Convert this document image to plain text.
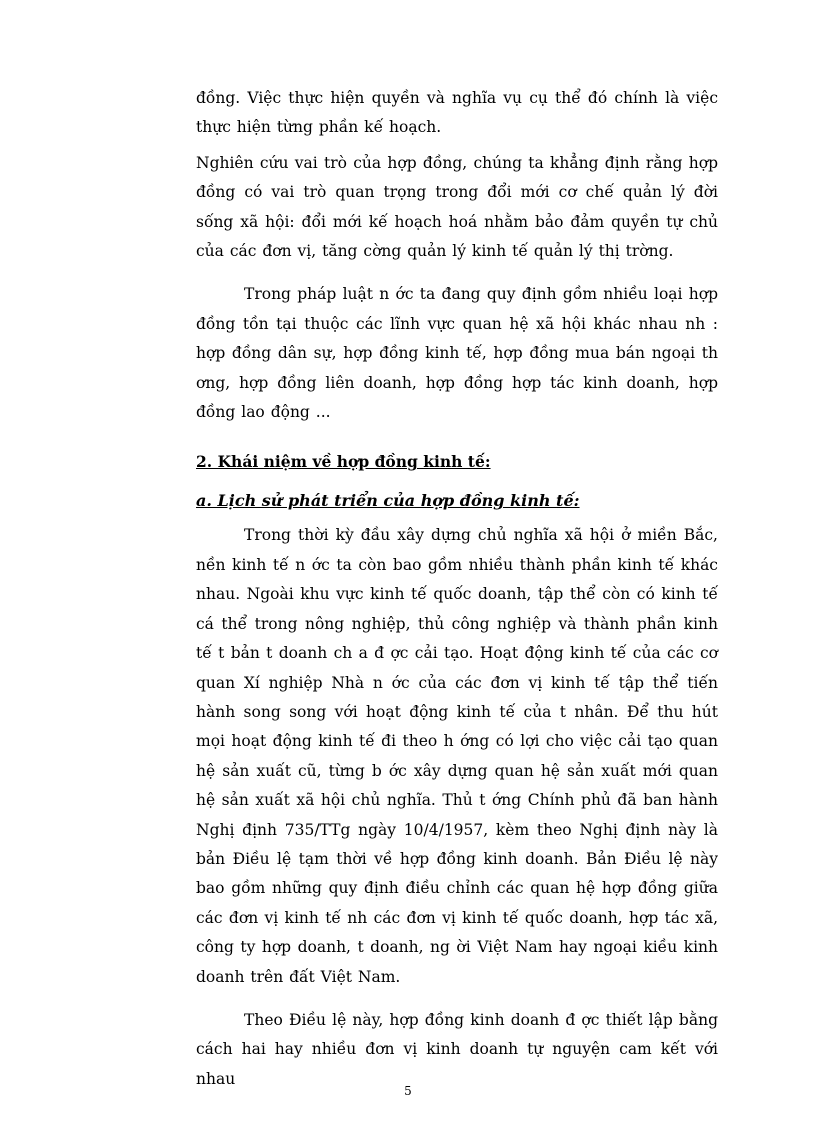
đồng. Việc thực hiện quyền và nghĩa vụ cụ thể đó chính là việc thực hiện từng phần kế hoạch.

Nghiên cứu vai trò của hợp đồng, chúng ta khẳng định rằng hợp đồng có vai trò quan trọng trong đổi mới cơ chế quản lý đời sống xã hội: đổi mới kế hoạch hoá nhằm bảo đảm quyền tự chủ của các đơn vị, tăng cờng quản lý kinh tế quản lý thị trờng.

Trong pháp luật n ớc ta đang quy định gồm nhiều loại hợp đồng tồn tại thuộc các lĩnh vực quan hệ xã hội khác nhau nh : hợp đồng dân sự, hợp đồng kinh tế, hợp đồng mua bán ngoại th ơng, hợp đồng liên doanh, hợp đồng hợp tác kinh doanh, hợp đồng lao động ...

2. Khái niệm về hợp đồng kinh tế:
a. Lịch sử phát triển của hợp đồng kinh tế:

Trong thời kỳ đầu xây dựng chủ nghĩa xã hội ở miền Bắc, nền kinh tế n ớc ta còn bao gồm nhiều thành phần kinh tế khác nhau. Ngoài khu vực kinh tế quốc doanh, tập thể còn có kinh tế cá thể trong nông nghiệp, thủ công nghiệp và thành phần kinh tế t bản t doanh ch a đ ợc cải tạo. Hoạt động kinh tế của các cơ quan Xí nghiệp Nhà n ớc của các đơn vị kinh tế tập thể tiến hành song song với hoạt động kinh tế của t nhân. Để thu hút mọi hoạt động kinh tế đi theo h ớng có lợi cho việc cải tạo quan hệ sản xuất cũ, từng b ớc xây dựng quan hệ sản xuất mới quan hệ sản xuất xã hội chủ nghĩa. Thủ t ớng Chính phủ đã ban hành Nghị định 735/TTg ngày 10/4/1957, kèm theo Nghị định này là bản Điều lệ tạm thời về hợp đồng kinh doanh. Bản Điều lệ này bao gồm những quy định điều chỉnh các quan hệ hợp đồng giữa các đơn vị kinh tế nh các đơn vị kinh tế quốc doanh, hợp tác xã, công ty hợp doanh, t doanh, ng ời Việt Nam hay ngoại kiều kinh doanh trên đất Việt Nam.

Theo Điều lệ này, hợp đồng kinh doanh đ ợc thiết lập bằng cách hai hay nhiều đơn vị kinh doanh tự nguyện cam kết với nhau

5
